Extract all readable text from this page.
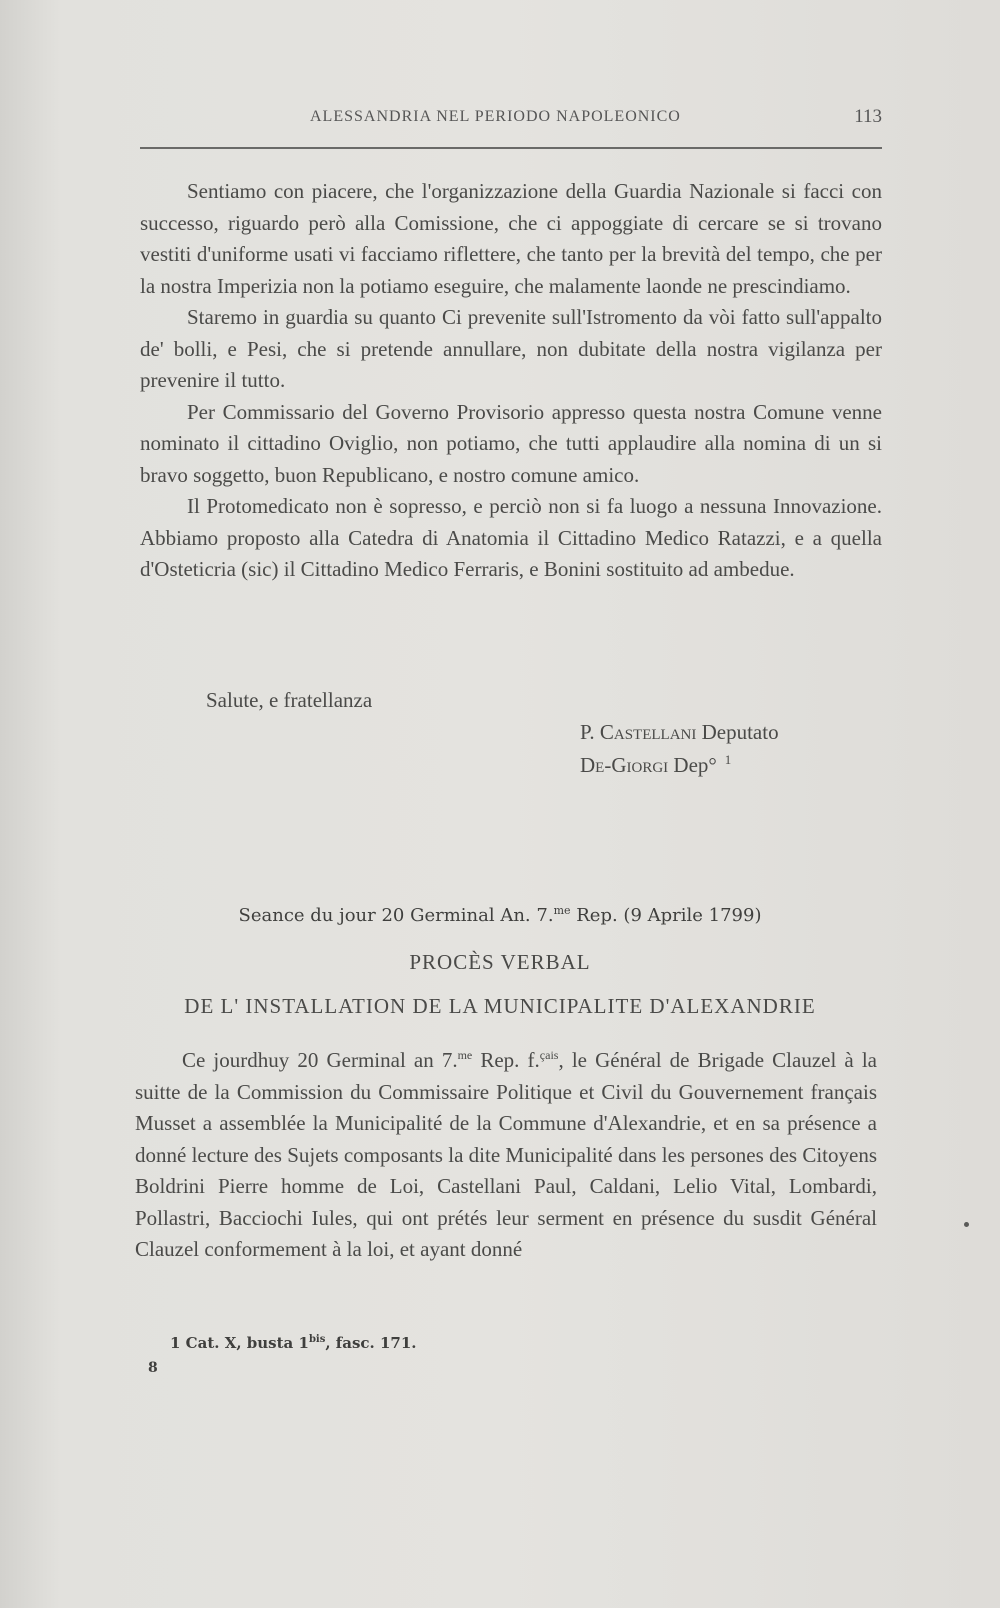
ALESSANDRIA NEL PERIODO NAPOLEONICO	113

Sentiamo con piacere, che l'organizzazione della Guardia Nazionale si facci con successo, riguardo però alla Comissione, che ci appoggiate di cercare se si trovano vestiti d'uniforme usati vi facciamo riflettere, che tanto per la brevità del tempo, che per la nostra Imperizia non la potiamo eseguire, che malamente laonde ne prescindiamo.

Staremo in guardia su quanto Ci prevenite sull'Istromento da vòi fatto sull'appalto de' bolli, e Pesi, che si pretende annullare, non dubitate della nostra vigilanza per prevenire il tutto.

Per Commissario del Governo Provisorio appresso questa nostra Comune venne nominato il cittadino Oviglio, non potiamo, che tutti applaudire alla nomina di un si bravo soggetto, buon Republicano, e nostro comune amico.

Il Protomedicato non è sopresso, e perciò non si fa luogo a nessuna Innovazione. Abbiamo proposto alla Catedra di Anatomia il Cittadino Medico Ratazzi, e a quella d'Osteticria (sic) il Cittadino Medico Ferraris, e Bonini sostituito ad ambedue.

Salute, e fratellanza
P. Castellani Deputato
De-Giorgi Dep° $^1$
Seance du jour 20 Germinal An. 7.$^{me}$ Rep. (9 Aprile 1799)
PROCÈS VERBAL
DE L' INSTALLATION DE LA MUNICIPALITE D'ALEXANDRIE

Ce jourdhuy 20 Germinal an 7.$^{me}$ Rep. f.$^{çais}$, le Général de Brigade Clauzel à la suitte de la Commission du Commissaire Politique et Civil du Gouvernement français Musset a assemblée la Municipalité de la Commune d'Alexandrie, et en sa présence a donné lecture des Sujets composants la dite Municipalité dans les persones des Citoyens Boldrini Pierre homme de Loi, Castellani Paul, Caldani, Lelio Vital, Lombardi, Pollastri, Bacciochi Iules, qui ont prétés leur serment en présence du susdit Général Clauzel conformement à la loi, et ayant donné

1 Cat. X, busta $1^{bis}$, fasc. 171.
8
